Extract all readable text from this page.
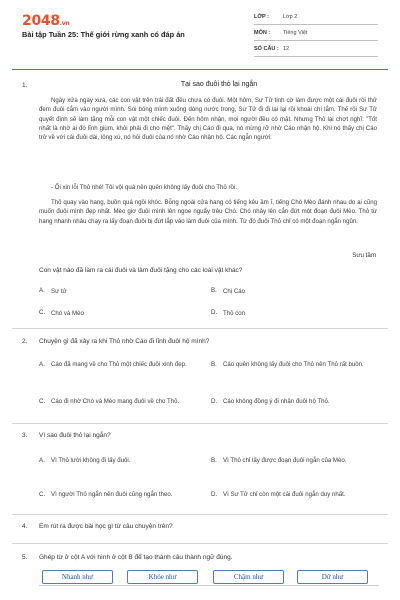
2048.vn
Bài tập Tuần 25: Thế giới rừng xanh có đáp án
LỚP :	Lớp 2
MÔN :	Tiếng Việt
SỐ CÂU : 12
1.	Tại sao đuôi thỏ lại ngắn
Ngày xửa ngày xưa, các con vật trên trái đất đều chưa có đuôi. Một hôm, Sư Tử tinh cờ làm được một cái đuôi rồi thử đem đuôi cắm vào người mình. Soi bóng mình xuống dòng nước trong, Sư Tử đi đi lại lại rồi khoái chí lắm. Thế rồi Sư Tử quyết định sẽ làm tặng mỗi con vật một chiếc đuôi. Đến hôm nhận, mọi người đều có mặt. Nhưng Thỏ lại chợt nghĩ: "Tốt nhất là nhờ ai đó lĩnh giùm, khỏi phải đi cho mệt". Thấy chị Cáo đi qua, nó mừng rỡ nhờ Cáo nhận hộ. Khi nó thấy chị Cáo trở về với cái đuôi dài, lông xù, nó hỏi đuôi của nó nhờ Cáo nhận hộ. Các ngẫn người:
- Ối xin lỗi Thỏ nhé! Tôi vội quá nên quên không lấy đuôi cho Thỏ rồi.
Thỏ quay vào hang, buồn quá ngồi khóc. Bỗng ngoài cửa hang có tiếng kêu ầm ĩ, tiếng Chó Mèo đánh nhau do ai cũng muốn đuôi mình đẹp nhất. Mèo giơ đuôi mình lên ngoe nguẩy trêu Chó. Chó nhảy lên cắn đứt một đoạn đuôi Mèo. Thỏ từ hang nhanh nhảu chạy ra lấy đoạn đuôi bị đứt lắp vào làm đuôi của mình. Từ đó đuôi Thỏ chỉ có một đoạn ngắn ngủn.
Sưu tầm
Con vật nào đã làm ra cái đuôi và làm đuôi tặng cho các loài vật khác?
A.	Sư tử	B.	Chị Cáo
C. Chó và Mèo	D. Thỏ con
2. Chuyện gì đã xảy ra khi Thỏ nhờ Cáo đi lĩnh đuôi hộ mình?
A.	Cáo đã mang về cho Thỏ một chiếc đuôi xinh đẹp.	B.	Cáo quên không lấy đuôi cho Thỏ nên Thỏ rất buồn.
C. Cáo đi nhờ Chó và Mèo mang đuôi về cho Thỏ.	D. Cáo không đồng ý đi nhận đuôi hộ Thỏ.
3. Vì sao đuôi thỏ lại ngắn?
A.	Vì Thỏ lười không đi lấy đuôi.	B.	Vì Thỏ chỉ lấy được đoạn đuôi ngắn của Mèo.
C. Vì người Thỏ ngắn nên đuôi cũng ngắn theo.	D. Vì Sư Tử chỉ còn một cái đuôi ngắn duy nhất.
4. Em rút ra được bài học gì từ câu chuyện trên?
5. Ghép từ ở cột A với hình ở cột B để tạo thành câu thành ngữ đúng.
Nhanh như	Khỏe như	Chậm như	Dữ như
